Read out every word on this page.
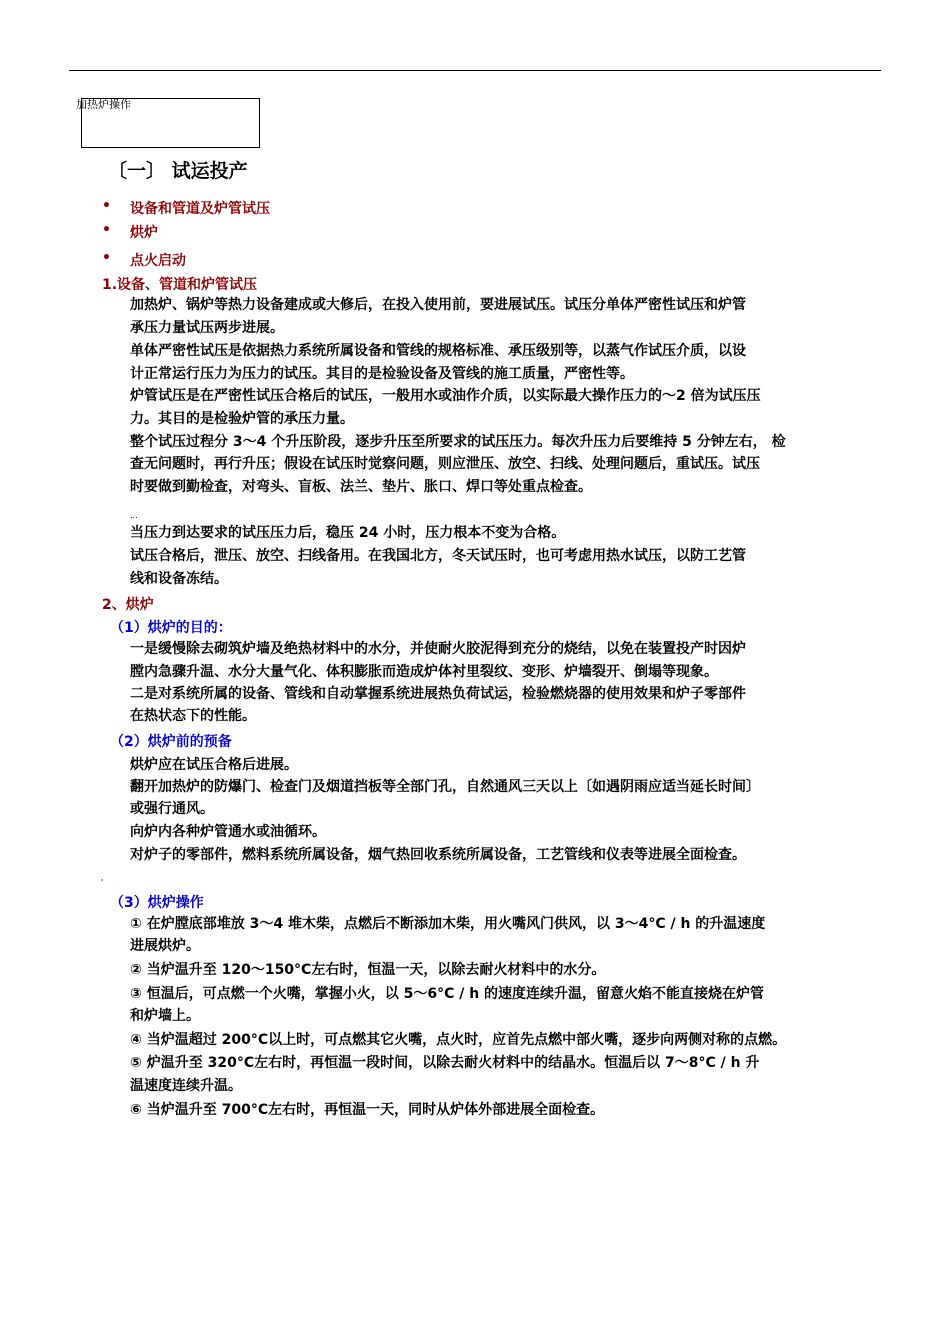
加热炉操作
〔一〕 试运投产
• 设备和管道及炉管试压
• 烘炉
• 点火启动
1.设备、管道和炉管试压
加热炉、锅炉等热力设备建成或大修后，在投入使用前，要进展试压。试压分单体严密性试压和炉管
承压力量试压两步进展。
单体严密性试压是依据热力系统所属设备和管线的规格标准、承压级别等，以蒸气作试压介质，以设
计正常运行压力为压力的试压。其目的是检验设备及管线的施工质量，严密性等。
炉管试压是在严密性试压合格后的试压，一般用水或油作介质，以实际最大操作压力的～2 倍为试压压
力。其目的是检验炉管的承压力量。
整个试压过程分 3～4 个升压阶段，逐步升压至所要求的试压压力。每次升压力后要维持 5 分钟左右， 检
查无问题时，再行升压；假设在试压时觉察问题，则应泄压、放空、扫线、处理问题后，重试压。试压
时要做到勤检查，对弯头、盲板、法兰、垫片、胀口、焊口等处重点检查。
...
当压力到达要求的试压压力后，稳压 24 小时，压力根本不变为合格。
试压合格后，泄压、放空、扫线备用。在我国北方，冬天试压时，也可考虑用热水试压，以防工艺管
线和设备冻结。
2、烘炉
（1）烘炉的目的：
一是缓慢除去砌筑炉墙及绝热材料中的水分，并使耐火胶泥得到充分的烧结，以免在装置投产时因炉
膛内急骤升温、水分大量气化、体积膨胀而造成炉体衬里裂纹、变形、炉墙裂开、倒塌等现象。
二是对系统所属的设备、管线和自动掌握系统进展热负荷试运，检验燃烧器的使用效果和炉子零部件
在热状态下的性能。
（2）烘炉前的预备
烘炉应在试压合格后进展。
翻开加热炉的防爆门、检查门及烟道挡板等全部门孔，自然通风三天以上〔如遇阴雨应适当延长时间〕
或强行通风。
向炉内各种炉管通水或油循环。
对炉子的零部件，燃料系统所属设备，烟气热回收系统所属设备，工艺管线和仪表等进展全面检查。
'
（3）烘炉操作
① 在炉膛底部堆放 3～4 堆木柴，点燃后不断添加木柴，用火嘴风门供风，以 3～4°C / h 的升温速度
进展烘炉。
② 当炉温升至 120～150°C左右时，恒温一天，以除去耐火材料中的水分。
③ 恒温后，可点燃一个火嘴，掌握小火，以 5～6°C / h 的速度连续升温，留意火焰不能直接烧在炉管
和炉墙上。
④ 当炉温超过 200°C以上时，可点燃其它火嘴，点火时，应首先点燃中部火嘴，逐步向两侧对称的点燃。
⑤ 炉温升至 320°C左右时，再恒温一段时间，以除去耐火材料中的结晶水。恒温后以 7～8°C / h 升
温速度连续升温。
⑥ 当炉温升至 700°C左右时，再恒温一天，同时从炉体外部进展全面检查。
